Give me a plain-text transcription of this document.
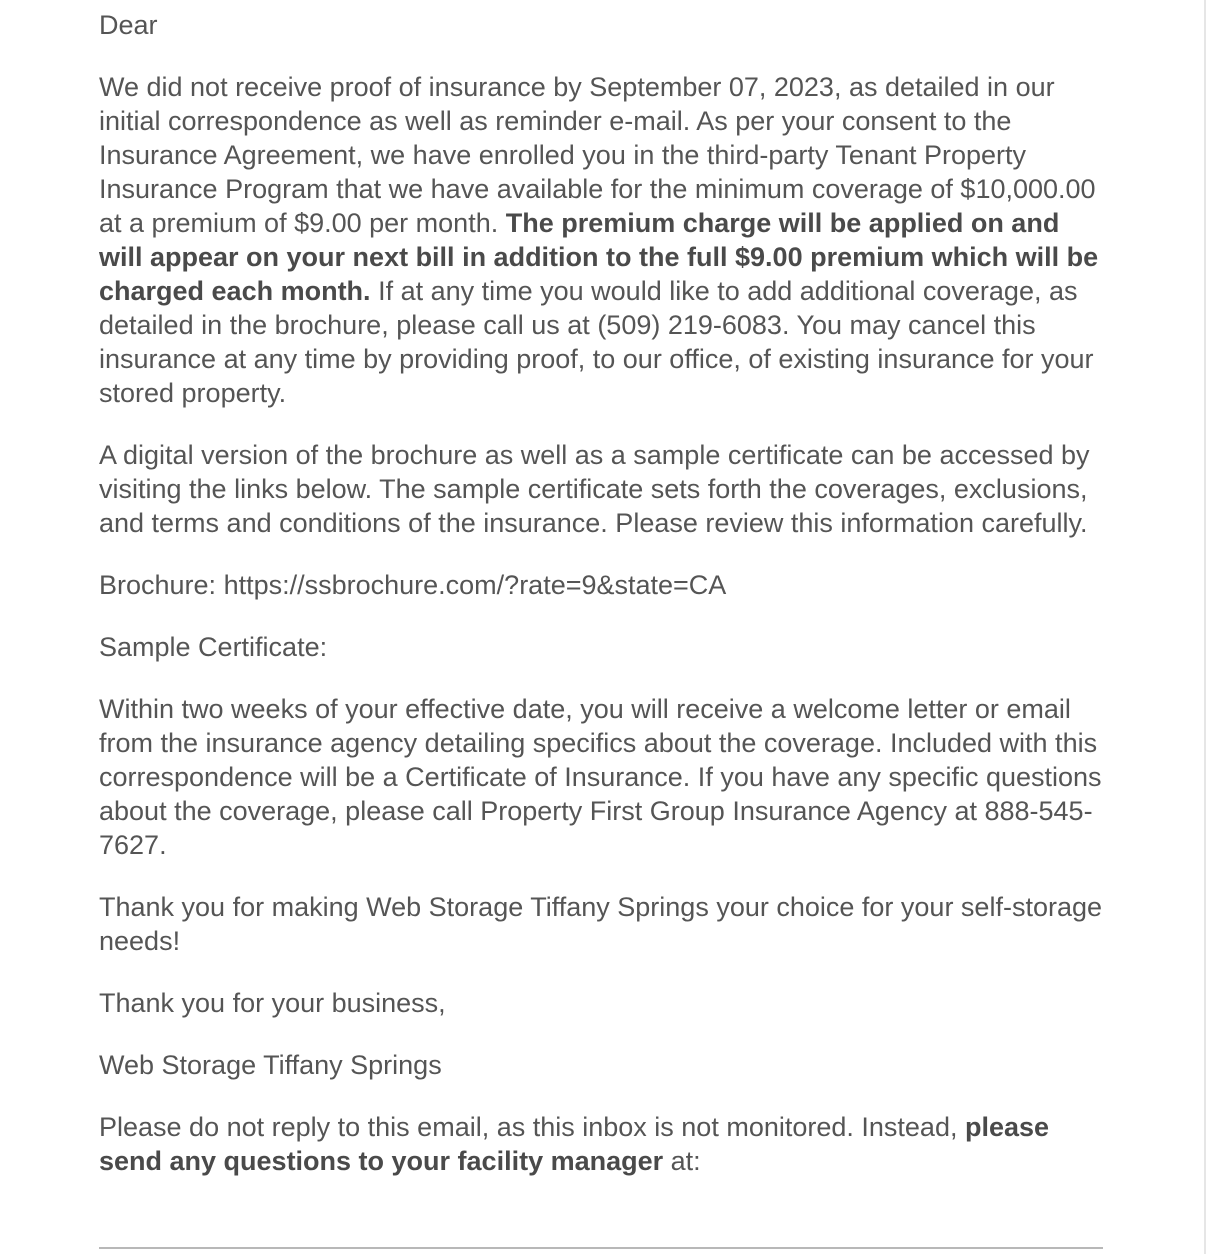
Dear

We did not receive proof of insurance by September 07, 2023, as detailed in our initial correspondence as well as reminder e-mail. As per your consent to the Insurance Agreement, we have enrolled you in the third-party Tenant Property Insurance Program that we have available for the minimum coverage of $10,000.00 at a premium of $9.00 per month. The premium charge will be applied on and will appear on your next bill in addition to the full $9.00 premium which will be charged each month. If at any time you would like to add additional coverage, as detailed in the brochure, please call us at (509) 219-6083. You may cancel this insurance at any time by providing proof, to our office, of existing insurance for your stored property.

A digital version of the brochure as well as a sample certificate can be accessed by visiting the links below. The sample certificate sets forth the coverages, exclusions, and terms and conditions of the insurance. Please review this information carefully.

Brochure: https://ssbrochure.com/?rate=9&state=CA

Sample Certificate:

Within two weeks of your effective date, you will receive a welcome letter or email from the insurance agency detailing specifics about the coverage. Included with this correspondence will be a Certificate of Insurance. If you have any specific questions about the coverage, please call Property First Group Insurance Agency at 888-545-7627.

Thank you for making Web Storage Tiffany Springs your choice for your self-storage needs!

Thank you for your business,

Web Storage Tiffany Springs

Please do not reply to this email, as this inbox is not monitored. Instead, please send any questions to your facility manager at:
